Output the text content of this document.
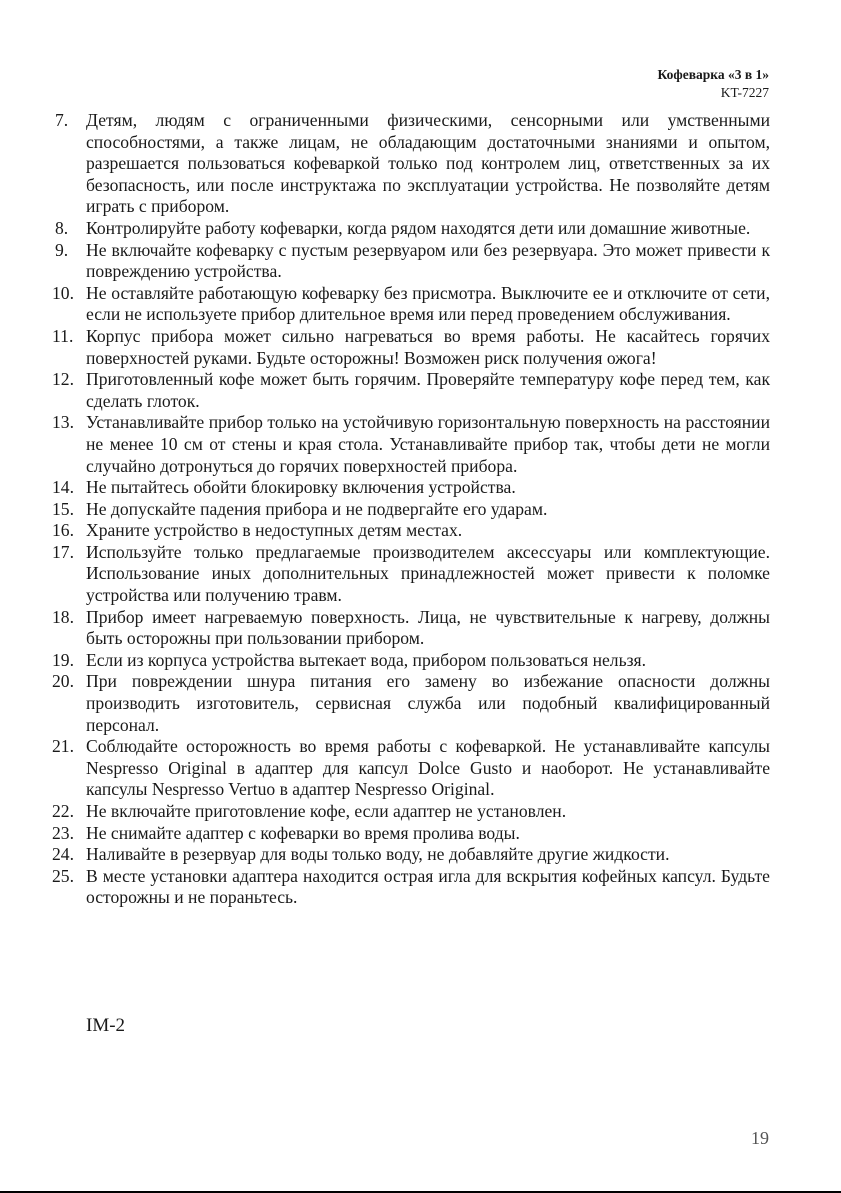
Кофеварка «3 в 1»
KT-7227
7.	Детям, людям с ограниченными физическими, сенсорными или умственными способностями, а также лицам, не обладающим достаточными знаниями и опытом, разрешается пользоваться кофеваркой только под контролем лиц, ответственных за их безопасность, или после инструктажа по эксплуатации устройства. Не позволяйте детям играть с прибором.
8.	Контролируйте работу кофеварки, когда рядом находятся дети или домашние животные.
9.	Не включайте кофеварку с пустым резервуаром или без резервуара. Это может привести к повреждению устройства.
10. Не оставляйте работающую кофеварку без присмотра. Выключите ее и отключите от сети, если не используете прибор длительное время или перед проведением обслуживания.
11. Корпус прибора может сильно нагреваться во время работы. Не касайтесь горячих поверхностей руками. Будьте осторожны! Возможен риск получения ожога!
12. Приготовленный кофе может быть горячим. Проверяйте температуру кофе перед тем, как сделать глоток.
13. Устанавливайте прибор только на устойчивую горизонтальную поверхность на расстоянии не менее 10 см от стены и края стола. Устанавливайте прибор так, чтобы дети не могли случайно дотронуться до горячих поверхностей прибора.
14. Не пытайтесь обойти блокировку включения устройства.
15. Не допускайте падения прибора и не подвергайте его ударам.
16. Храните устройство в недоступных детям местах.
17. Используйте только предлагаемые производителем аксессуары или комплектующие. Использование иных дополнительных принадлежностей может привести к поломке устройства или получению травм.
18. Прибор имеет нагреваемую поверхность. Лица, не чувствительные к нагреву, должны быть осторожны при пользовании прибором.
19. Если из корпуса устройства вытекает вода, прибором пользоваться нельзя.
20. При повреждении шнура питания его замену во избежание опасности должны производить изготовитель, сервисная служба или подобный квалифицированный персонал.
21. Соблюдайте осторожность во время работы с кофеваркой. Не устанавливайте капсулы Nespresso Original в адаптер для капсул Dolce Gusto и наоборот. Не устанавливайте капсулы Nespresso Vertuo в адаптер Nespresso Original.
22. Не включайте приготовление кофе, если адаптер не установлен.
23. Не снимайте адаптер с кофеварки во время пролива воды.
24. Наливайте в резервуар для воды только воду, не добавляйте другие жидкости.
25. В месте установки адаптера находится острая игла для вскрытия кофейных капсул. Будьте осторожны и не пораньтесь.
IM-2
19
